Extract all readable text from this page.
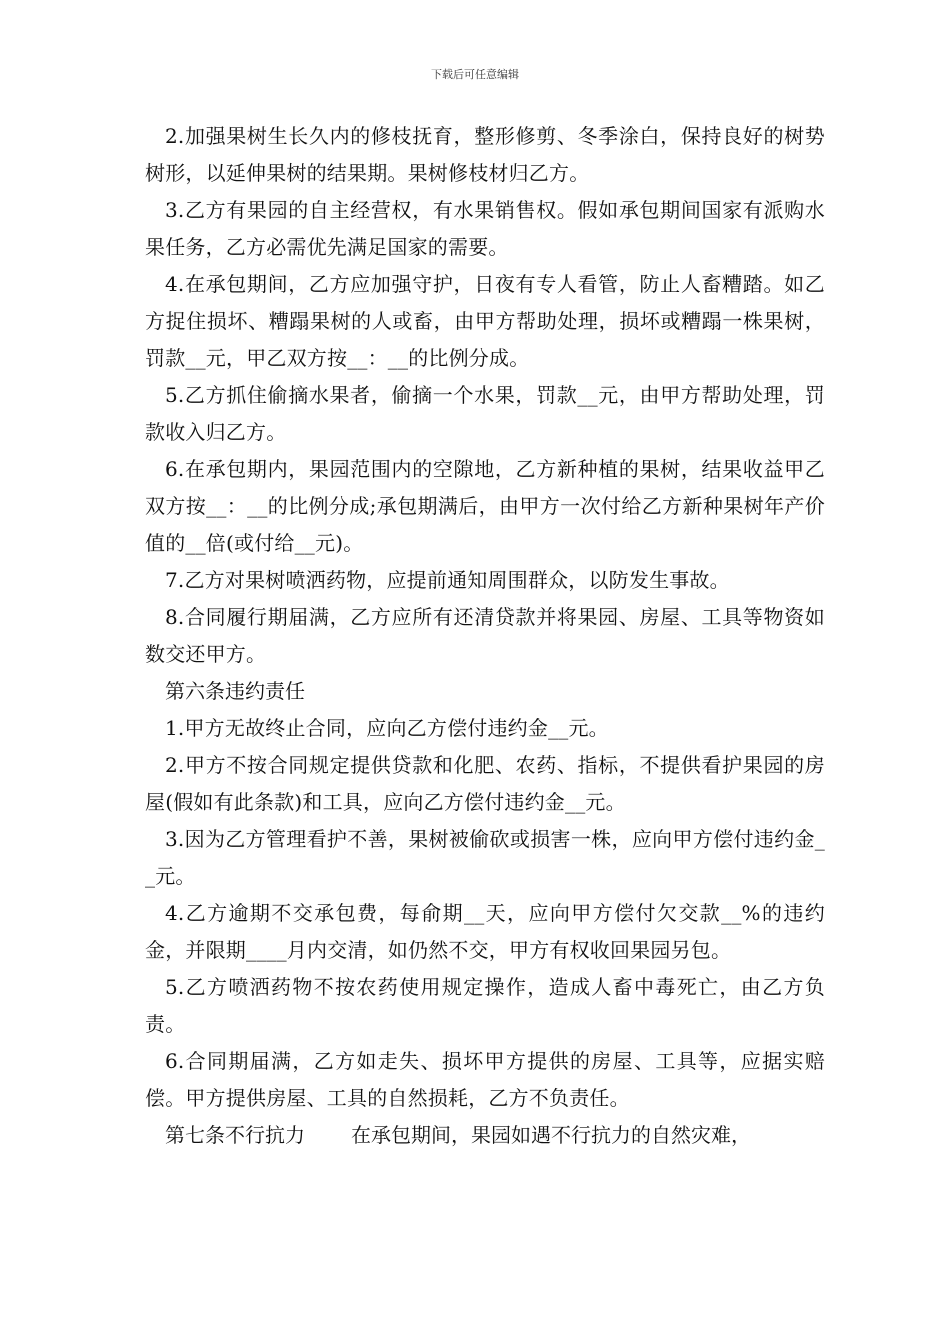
下载后可任意编辑

2.加强果树生长久内的修枝抚育，整形修剪、冬季涂白，保持良好的树势树形，以延伸果树的结果期。果树修枝材归乙方。

3.乙方有果园的自主经营权，有水果销售权。假如承包期间国家有派购水果任务，乙方必需优先满足国家的需要。

4.在承包期间，乙方应加强守护，日夜有专人看管，防止人畜糟踏。如乙方捉住损坏、糟蹋果树的人或畜，由甲方帮助处理，损坏或糟蹋一株果树，罚款__元，甲乙双方按__：__的比例分成。

5.乙方抓住偷摘水果者，偷摘一个水果，罚款__元，由甲方帮助处理，罚款收入归乙方。

6.在承包期内，果园范围内的空隙地，乙方新种植的果树，结果收益甲乙双方按__：__的比例分成;承包期满后，由甲方一次付给乙方新种果树年产价值的__倍(或付给__元)。

7.乙方对果树喷洒药物，应提前通知周围群众，以防发生事故。

8.合同履行期届满，乙方应所有还清贷款并将果园、房屋、工具等物资如数交还甲方。

第六条违约责任

1.甲方无故终止合同，应向乙方偿付违约金__元。

2.甲方不按合同规定提供贷款和化肥、农药、指标，不提供看护果园的房屋(假如有此条款)和工具，应向乙方偿付违约金__元。

3.因为乙方管理看护不善，果树被偷砍或损害一株，应向甲方偿付违约金__元。

4.乙方逾期不交承包费，每俞期__天，应向甲方偿付欠交款__%的违约金，并限期____月内交清，如仍然不交，甲方有权收回果园另包。

5.乙方喷洒药物不按农药使用规定操作，造成人畜中毒死亡，由乙方负责。

6.合同期届满，乙方如走失、损坏甲方提供的房屋、工具等，应据实赔偿。甲方提供房屋、工具的自然损耗，乙方不负责任。

第七条不行抗力 在承包期间，果园如遇不行抗力的自然灾难，
